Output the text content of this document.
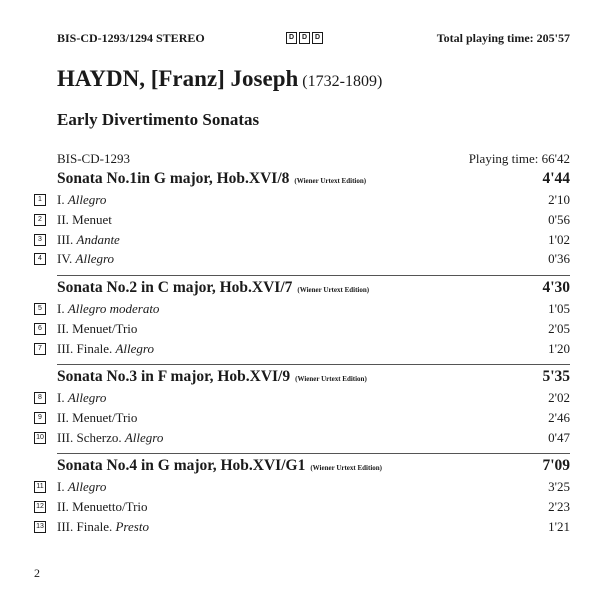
BIS-CD-1293/1294 STEREO	D	D	D	Total playing time: 205'57
HAYDN, [Franz] Joseph (1732-1809)
Early Divertimento Sonatas
BIS-CD-1293	Playing time: 66'42
Sonata No.1in G major, Hob.XVI/8 (Wiener Urtext Edition)	4'44
1	I. Allegro	2'10
2	II. Menuet	0'56
3	III. Andante	1'02
4	IV. Allegro	0'36
Sonata No.2 in C major, Hob.XVI/7 (Wiener Urtext Edition)	4'30
5	I. Allegro moderato	1'05
6	II. Menuet/Trio	2'05
7	III. Finale. Allegro	1'20
Sonata No.3 in F major, Hob.XVI/9 (Wiener Urtext Edition)	5'35
8	I. Allegro	2'02
9	II. Menuet/Trio	2'46
10 III. Scherzo. Allegro	0'47
Sonata No.4 in G major, Hob.XVI/G1 (Wiener Urtext Edition)	7'09
11 I. Allegro	3'25
12 II. Menuetto/Trio	2'23
13 III. Finale. Presto	1'21
2
